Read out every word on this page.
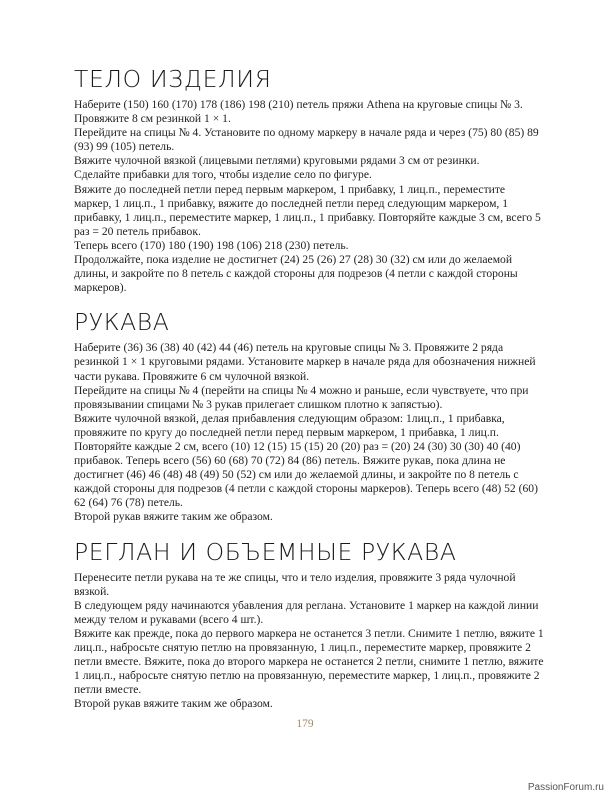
ТЕЛО ИЗДЕЛИЯ

Наберите (150) 160 (170) 178 (186) 198 (210) петель пряжи Athena на круговые спицы № 3.

Провяжите 8 см резинкой 1 × 1.

Перейдите на спицы № 4. Установите по одному маркеру в начале ряда и через (75) 80 (85) 89 (93) 99 (105) петель.

Вяжите чулочной вязкой (лицевыми петлями) круговыми рядами 3 см от резинки.

Сделайте прибавки для того, чтобы изделие село по фигуре.

Вяжите до последней петли перед первым маркером, 1 прибавку, 1 лиц.п., переместите маркер, 1 лиц.п., 1 прибавку, вяжите до последней петли перед следующим маркером, 1 прибавку, 1 лиц.п., переместите маркер, 1 лиц.п., 1 прибавку. Повторяйте каждые 3 см, всего 5 раз = 20 петель прибавок.

Теперь всего (170) 180 (190) 198 (106) 218 (230) петель.

Продолжайте, пока изделие не достигнет (24) 25 (26) 27 (28) 30 (32) см или до желаемой длины, и закройте по 8 петель с каждой стороны для подрезов (4 петли с каждой стороны маркеров).

РУКАВА

Наберите (36) 36 (38) 40 (42) 44 (46) петель на круговые спицы № 3. Провяжите 2 ряда резинкой 1 × 1 круговыми рядами. Установите маркер в начале ряда для обозначения нижней части рукава. Провяжите 6 см чулочной вязкой.

Перейдите на спицы № 4 (перейти на спицы № 4 можно и раньше, если чувствуете, что при провязывании спицами № 3 рукав прилегает слишком плотно к запястью).

Вяжите чулочной вязкой, делая прибавления следующим образом: 1лиц.п., 1 прибавка, провяжите по кругу до последней петли перед первым маркером, 1 прибавка, 1 лиц.п. Повторяйте каждые 2 см, всего (10) 12 (15) 15 (15) 20 (20) раз = (20) 24 (30) 30 (30) 40 (40) прибавок. Теперь всего (56) 60 (68) 70 (72) 84 (86) петель. Вяжите рукав, пока длина не достигнет (46) 46 (48) 48 (49) 50 (52) см или до желаемой длины, и закройте по 8 петель с каждой стороны для подрезов (4 петли с каждой стороны маркеров). Теперь всего (48) 52 (60) 62 (64) 76 (78) петель.

Второй рукав вяжите таким же образом.

РЕГЛАН И ОБЪЕМНЫЕ РУКАВА

Перенесите петли рукава на те же спицы, что и тело изделия, провяжите 3 ряда чулочной вязкой.

В следующем ряду начинаются убавления для реглана. Установите 1 маркер на каждой линии между телом и рукавами (всего 4 шт.).

Вяжите как прежде, пока до первого маркера не останется 3 петли. Снимите 1 петлю, вяжите 1 лиц.п., набросьте снятую петлю на провязанную, 1 лиц.п., переместите маркер, провяжите 2 петли вместе. Вяжите, пока до второго маркера не останется 2 петли, снимите 1 петлю, вяжите 1 лиц.п., набросьте снятую петлю на провязанную, переместите маркер, 1 лиц.п., провяжите 2 петли вместе.

Второй рукав вяжите таким же образом.

179
PassionForum.ru
